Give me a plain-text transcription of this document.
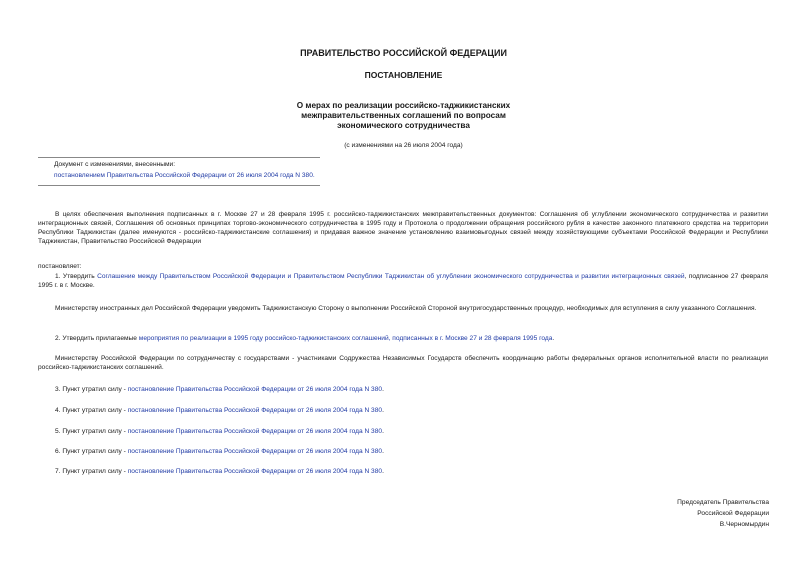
ПРАВИТЕЛЬСТВО РОССИЙСКОЙ ФЕДЕРАЦИИ
ПОСТАНОВЛЕНИЕ
О мерах по реализации российско-таджикистанских
межправительственных соглашений по вопросам
экономического сотрудничества
(с изменениями на 26 июля 2004 года)
Документ с изменениями, внесенными:
постановлением Правительства Российской Федерации от 26 июля 2004 года N 380.
В целях обеспечения выполнения подписанных в г. Москве 27 и 28 февраля 1995 г. российско-таджикистанских межправительственных документов: Соглашения об углублении экономического сотрудничества и развитии интеграционных связей, Соглашения об основных принципах торгово-экономического сотрудничества в 1995 году и Протокола о продолжении обращения российского рубля в качестве законного платежного средства на территории Республики Таджикистан (далее именуются - российско-таджикистанские соглашения) и придавая важное значение установлению взаимовыгодных связей между хозяйствующими субъектами Российской Федерации и Республики Таджикистан, Правительство Российской Федерации
постановляет:
1. Утвердить Соглашение между Правительством Российской Федерации и Правительством Республики Таджикистан об углублении экономического сотрудничества и развитии интеграционных связей, подписанное 27 февраля 1995 г. в г. Москве.
Министерству иностранных дел Российской Федерации уведомить Таджикистанскую Сторону о выполнении Российской Стороной внутригосударственных процедур, необходимых для вступления в силу указанного Соглашения.
2. Утвердить прилагаемые мероприятия по реализации в 1995 году российско-таджикистанских соглашений, подписанных в г. Москве 27 и 28 февраля 1995 года.
Министерству Российской Федерации по сотрудничеству с государствами - участниками Содружества Независимых Государств обеспечить координацию работы федеральных органов исполнительной власти по реализации российско-таджикистанских соглашений.
3. Пункт утратил силу - постановление Правительства Российской Федерации от 26 июля 2004 года N 380.
4. Пункт утратил силу - постановление Правительства Российской Федерации от 26 июля 2004 года N 380.
5. Пункт утратил силу - постановление Правительства Российской Федерации от 26 июля 2004 года N 380.
6. Пункт утратил силу - постановление Правительства Российской Федерации от 26 июля 2004 года N 380.
7. Пункт утратил силу - постановление Правительства Российской Федерации от 26 июля 2004 года N 380.
Председатель Правительства
Российской Федерации
В.Черномырдин
